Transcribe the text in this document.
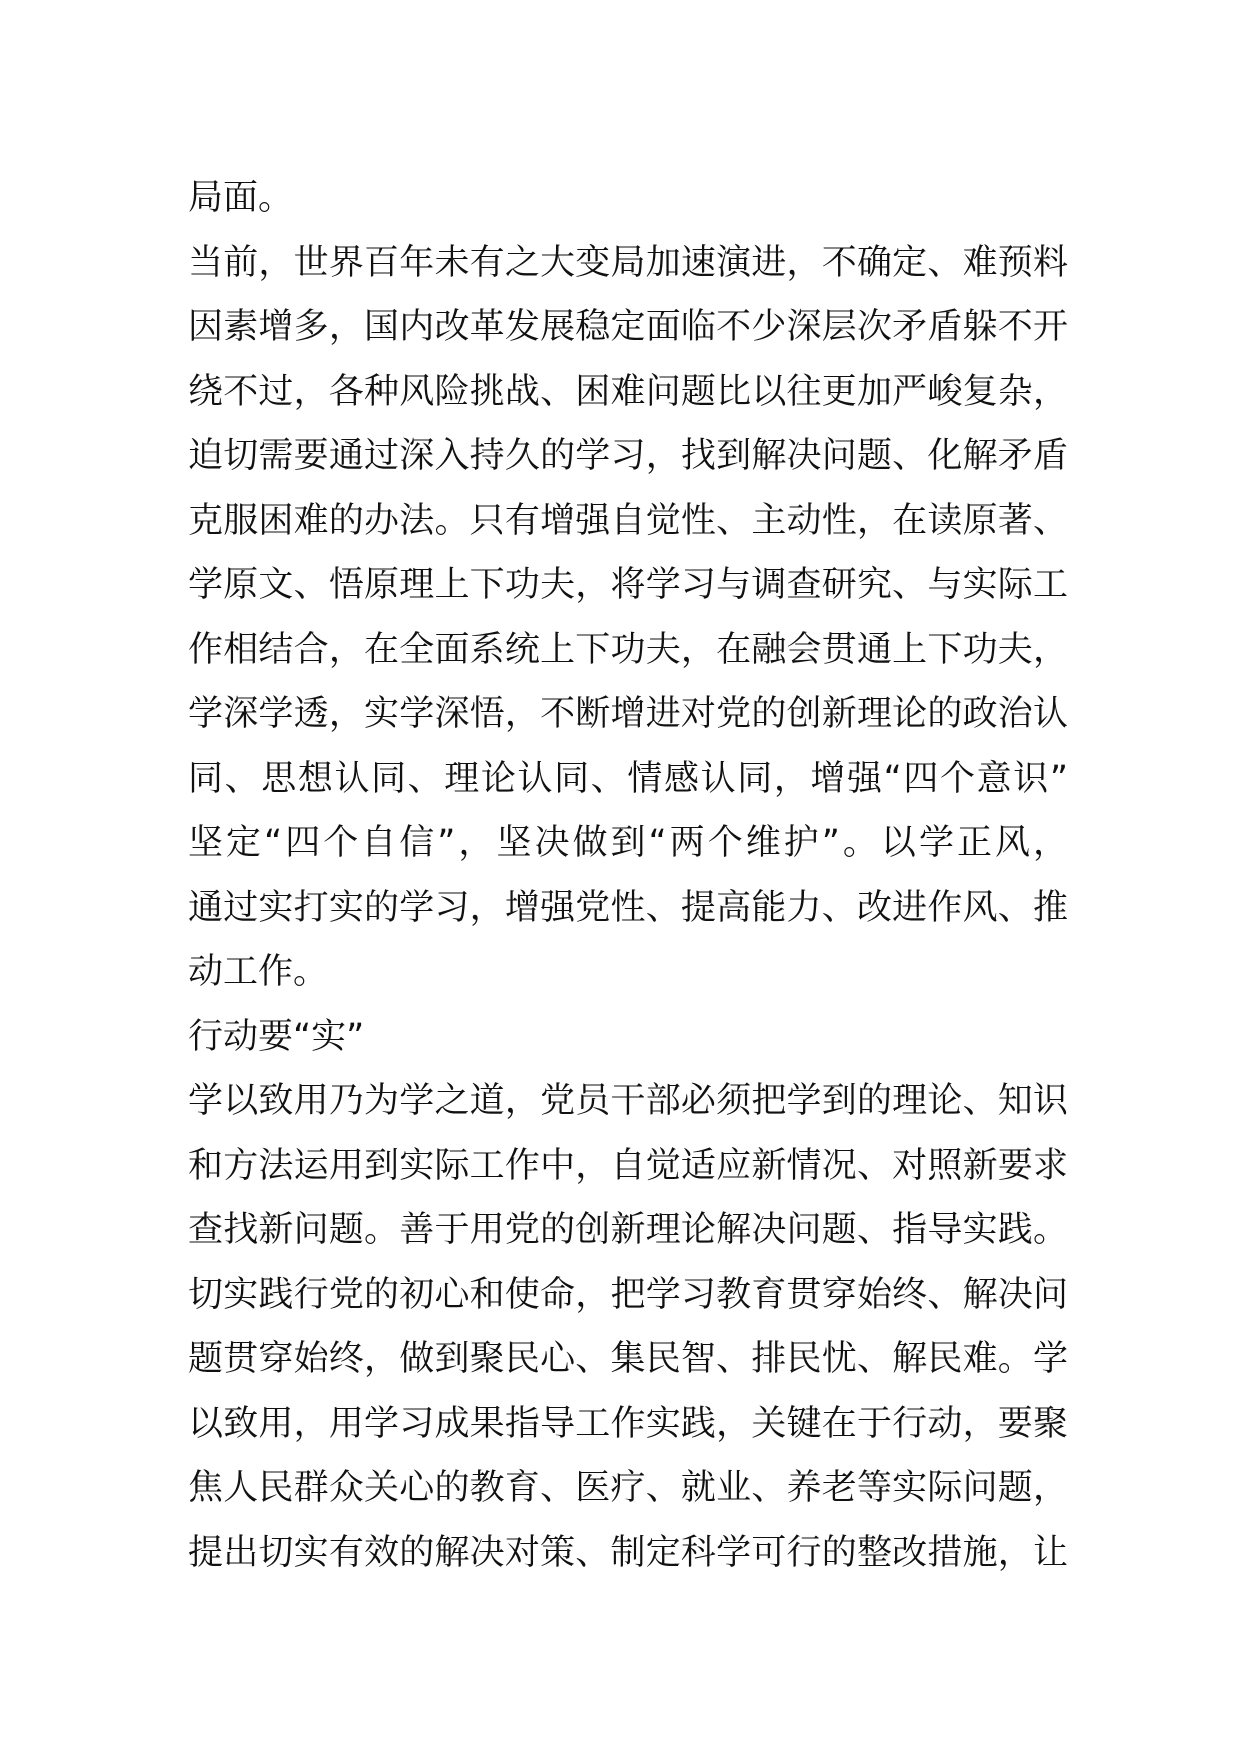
局面。
当前，世界百年未有之大变局加速演进，不确定、难预料
因素增多，国内改革发展稳定面临不少深层次矛盾躲不开
绕不过，各种风险挑战、困难问题比以往更加严峻复杂，
迫切需要通过深入持久的学习，找到解决问题、化解矛盾
克服困难的办法。只有增强自觉性、主动性，在读原著、
学原文、悟原理上下功夫，将学习与调查研究、与实际工
作相结合，在全面系统上下功夫，在融会贯通上下功夫，
学深学透，实学深悟，不断增进对党的创新理论的政治认
同、思想认同、理论认同、情感认同，增强“四个意识”
坚定“四个自信”，坚决做到“两个维护”。以学正风，
通过实打实的学习，增强党性、提高能力、改进作风、推
动工作。
行动要“实”
学以致用乃为学之道，党员干部必须把学到的理论、知识
和方法运用到实际工作中，自觉适应新情况、对照新要求
查找新问题。善于用党的创新理论解决问题、指导实践。
切实践行党的初心和使命，把学习教育贯穿始终、解决问
题贯穿始终，做到聚民心、集民智、排民忧、解民难。学
以致用，用学习成果指导工作实践，关键在于行动，要聚
焦人民群众关心的教育、医疗、就业、养老等实际问题，
提出切实有效的解决对策、制定科学可行的整改措施，让
